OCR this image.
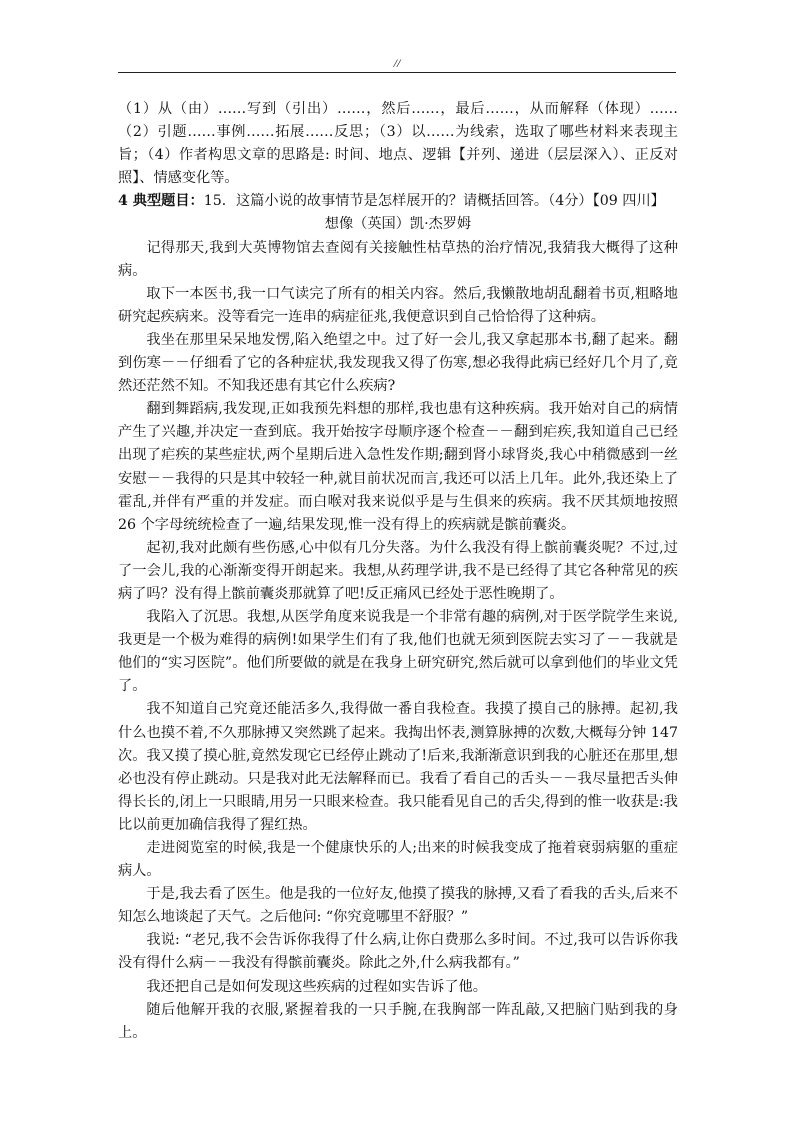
//

（1）从（由）……写到（引出）……，然后……，最后……，从而解释（体现）……（2）引题……事例……拓展……反思；（3）以……为线索，选取了哪些材料来表现主旨；（4）作者构思文章的思路是: 时间、地点、逻辑【并列、递进（层层深入）、正反对照】、情感变化等。

4 典型题目：15．这篇小说的故事情节是怎样展开的？请概括回答。（4分）【09 四川】

想像（英国）凯·杰罗姆

记得那天,我到大英博物馆去查阅有关接触性枯草热的治疗情况,我猜我大概得了这种病。

取下一本医书,我一口气读完了所有的相关内容。然后,我懒散地胡乱翻着书页,粗略地研究起疾病来。没等看完一连串的病症征兆,我便意识到自己恰恰得了这种病。

我坐在那里呆呆地发愣,陷入绝望之中。过了好一会儿,我又拿起那本书,翻了起来。翻到伤寒－－仔细看了它的各种症状,我发现我又得了伤寒,想必我得此病已经好几个月了,竟然还茫然不知。不知我还患有其它什么疾病?

翻到舞蹈病,我发现,正如我预先料想的那样,我也患有这种疾病。我开始对自己的病情产生了兴趣,并决定一查到底。我开始按字母顺序逐个检查－－翻到疟疾,我知道自己已经出现了疟疾的某些症状,两个星期后进入急性发作期;翻到肾小球肾炎,我心中稍微感到一丝安慰－－我得的只是其中较轻一种,就目前状况而言,我还可以活上几年。此外,我还染上了霍乱,并伴有严重的并发症。而白喉对我来说似乎是与生俱来的疾病。我不厌其烦地按照 26 个字母统统检查了一遍,结果发现,惟一没有得上的疾病就是髌前囊炎。

起初,我对此颇有些伤感,心中似有几分失落。为什么我没有得上髌前囊炎呢？不过,过了一会儿,我的心渐渐变得开朗起来。我想,从药理学讲,我不是已经得了其它各种常见的疾病了吗？没有得上髌前囊炎那就算了吧!反正痛风已经处于恶性晚期了。

我陷入了沉思。我想,从医学角度来说我是一个非常有趣的病例,对于医学院学生来说,我更是一个极为难得的病例!如果学生们有了我,他们也就无须到医院去实习了－－我就是他们的“实习医院”。他们所要做的就是在我身上研究研究,然后就可以拿到他们的毕业文凭了。

我不知道自己究竟还能活多久,我得做一番自我检查。我摸了摸自己的脉搏。起初,我什么也摸不着,不久那脉搏又突然跳了起来。我掏出怀表,测算脉搏的次数,大概每分钟 147 次。我又摸了摸心脏,竟然发现它已经停止跳动了!后来,我渐渐意识到我的心脏还在那里,想必也没有停止跳动。只是我对此无法解释而已。我看了看自己的舌头－－我尽量把舌头伸得长长的,闭上一只眼睛,用另一只眼来检查。我只能看见自己的舌尖,得到的惟一收获是:我比以前更加确信我得了猩红热。

走进阅览室的时候,我是一个健康快乐的人;出来的时候我变成了拖着衰弱病躯的重症病人。

于是,我去看了医生。他是我的一位好友,他摸了摸我的脉搏,又看了看我的舌头,后来不知怎么地谈起了天气。之后他问: “你究竟哪里不舒服？”

我说: “老兄,我不会告诉你我得了什么病,让你白费那么多时间。不过,我可以告诉你我没有得什么病－－我没有得髌前囊炎。除此之外,什么病我都有。”

我还把自己是如何发现这些疾病的过程如实告诉了他。

随后他解开我的衣服,紧握着我的一只手腕,在我胸部一阵乱敲,又把脑门贴到我的身上。
